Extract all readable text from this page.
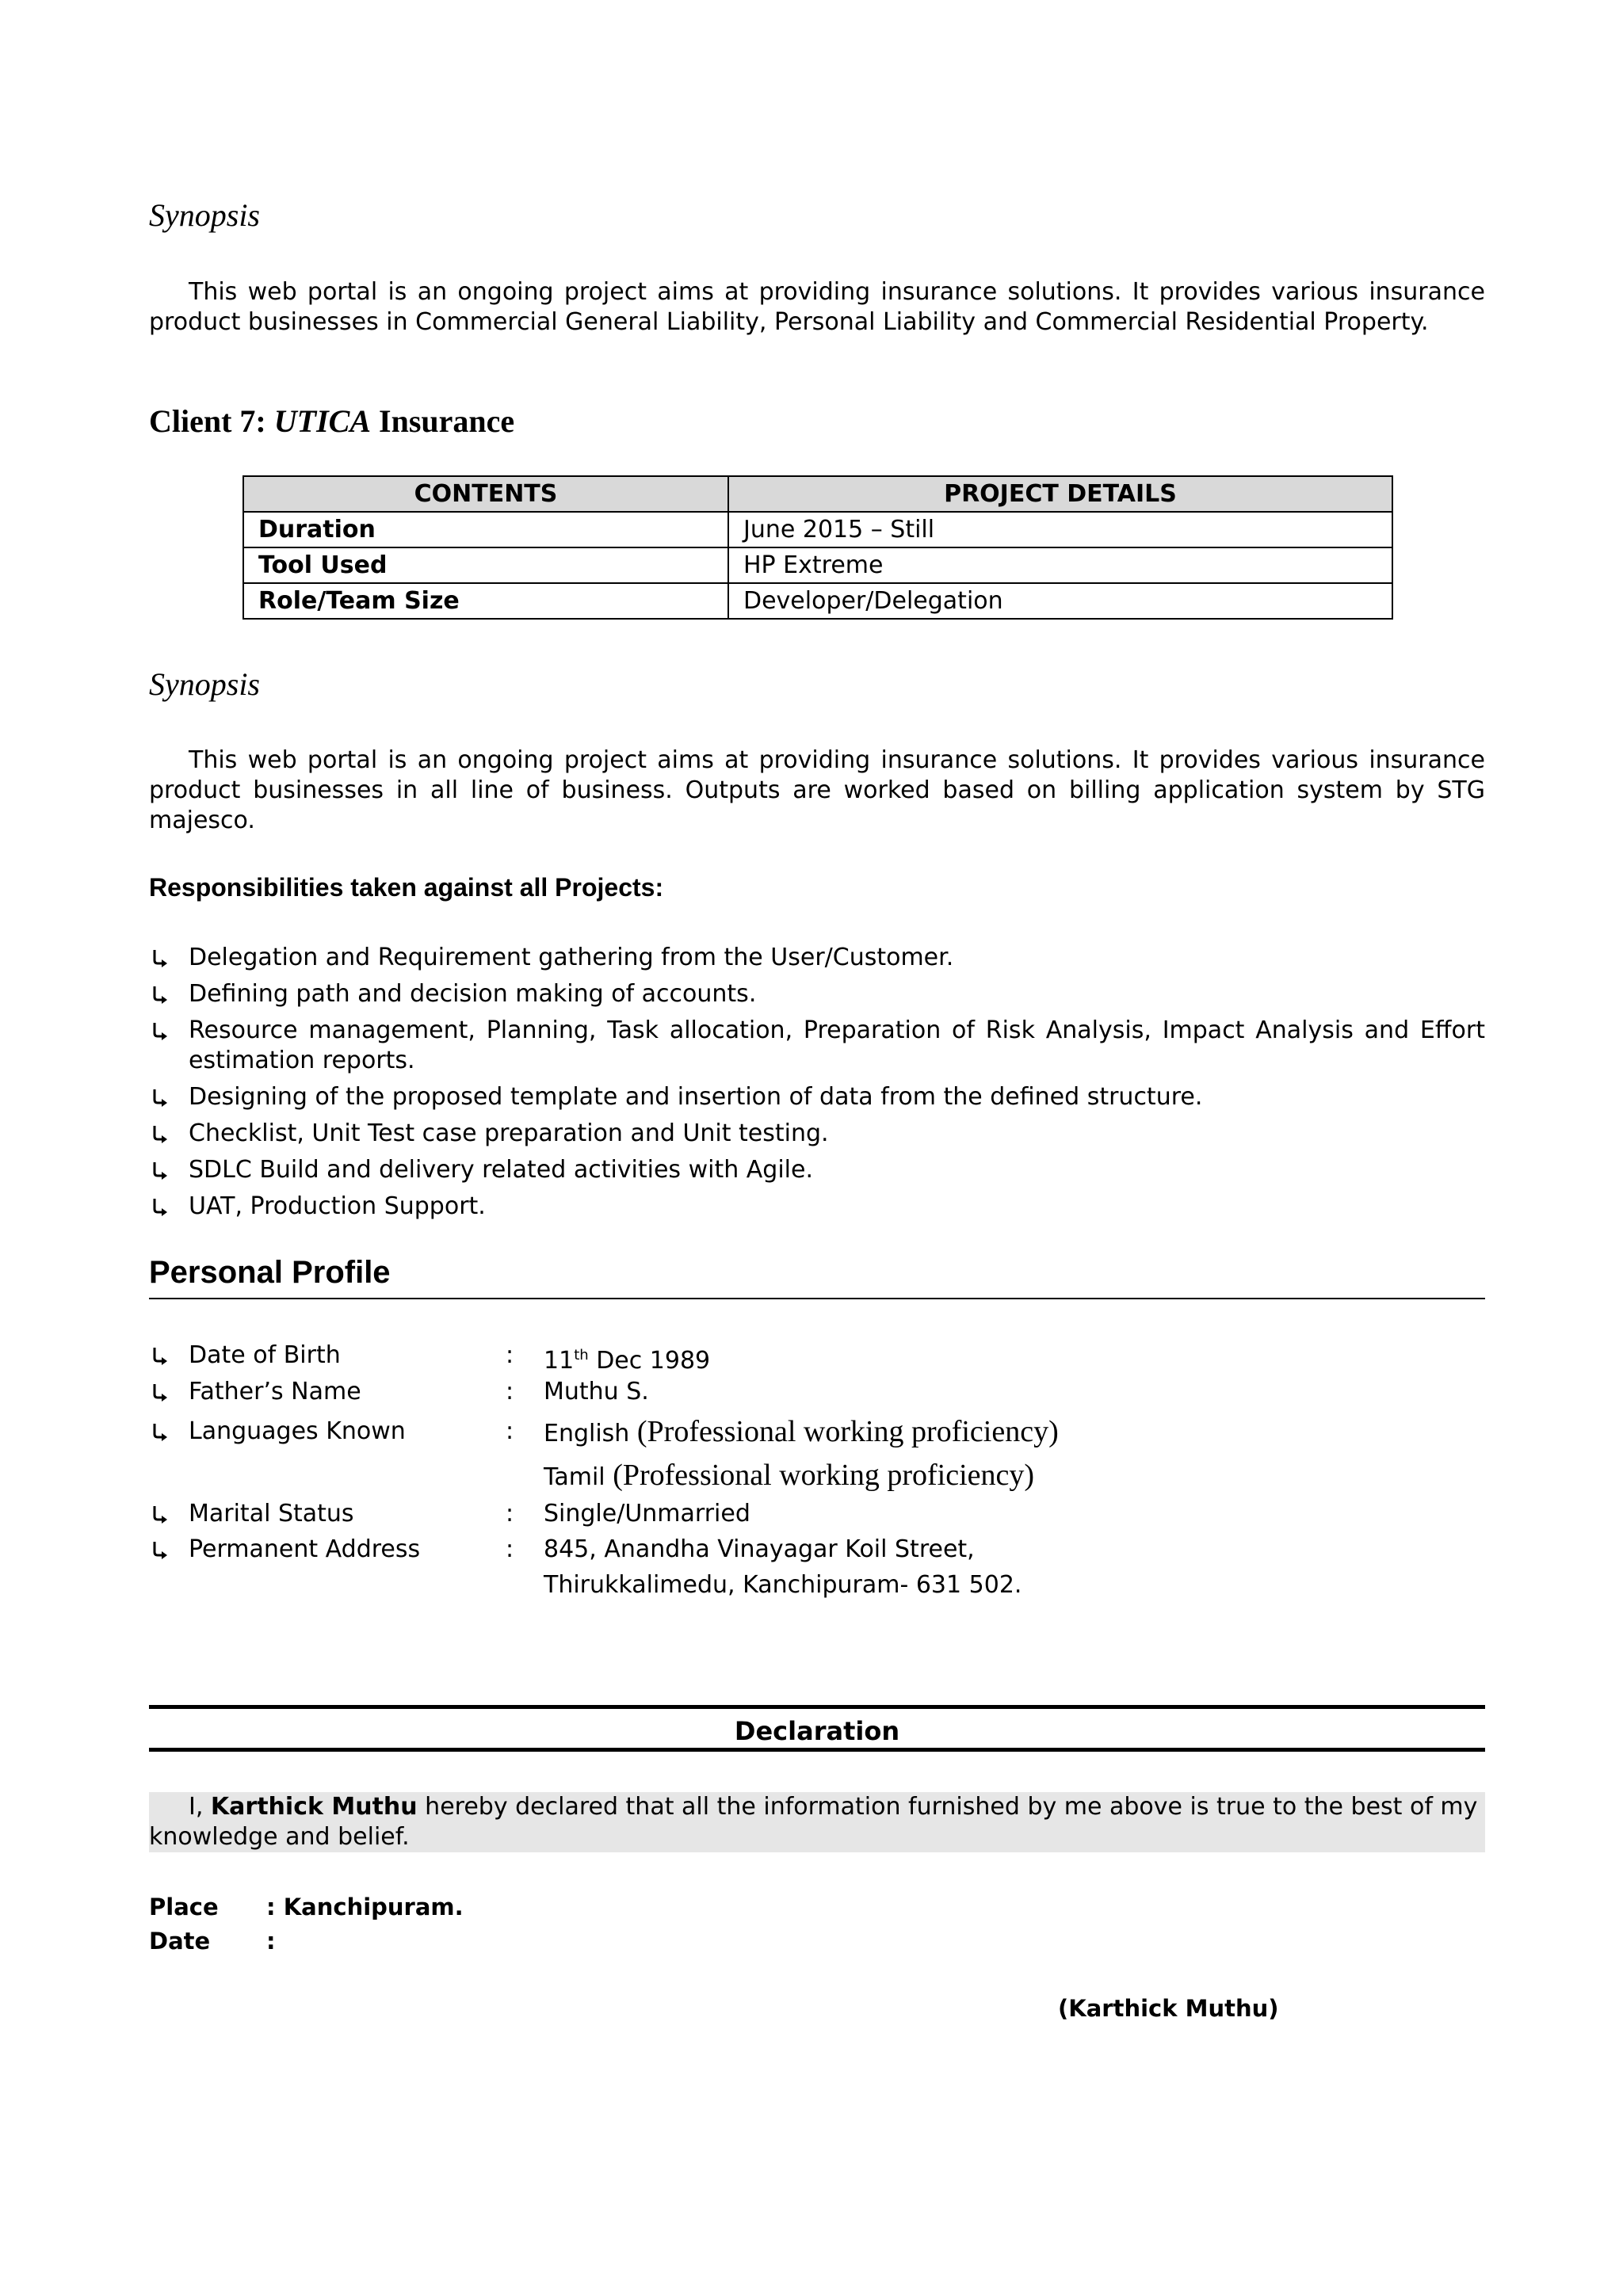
Synopsis
This web portal is an ongoing project aims at providing insurance solutions. It provides various insurance product businesses in Commercial General Liability, Personal Liability and Commercial Residential Property.
Client 7: UTICA Insurance
CONTENTS	PROJECT DETAILS
Duration	June 2015 – Still
Tool Used	HP Extreme
Role/Team Size	Developer/Delegation
Synopsis
This web portal is an ongoing project aims at providing insurance solutions. It provides various insurance product businesses in all line of business. Outputs are worked based on billing application system by STG majesco.
Responsibilities taken against all Projects:
Delegation and Requirement gathering from the User/Customer.
Defining path and decision making of accounts.
Resource management, Planning, Task allocation, Preparation of Risk Analysis, Impact Analysis and Effort estimation reports.
Designing of the proposed template and insertion of data from the defined structure.
Checklist, Unit Test case preparation and Unit testing.
SDLC Build and delivery related activities with Agile.
UAT, Production Support.
Personal Profile
Date of Birth	: 11th Dec 1989
Father’s Name	: Muthu S.
Languages Known	: English (Professional working proficiency)
Tamil (Professional working proficiency)
Marital Status	: Single/Unmarried
Permanent Address	: 845, Anandha Vinayagar Koil Street,
Thirukkalimedu, Kanchipuram- 631 502.
Declaration
I, Karthick Muthu hereby declared that all the information furnished by me above is true to the best of my knowledge and belief.
Place : Kanchipuram.
Date :
(Karthick Muthu)
